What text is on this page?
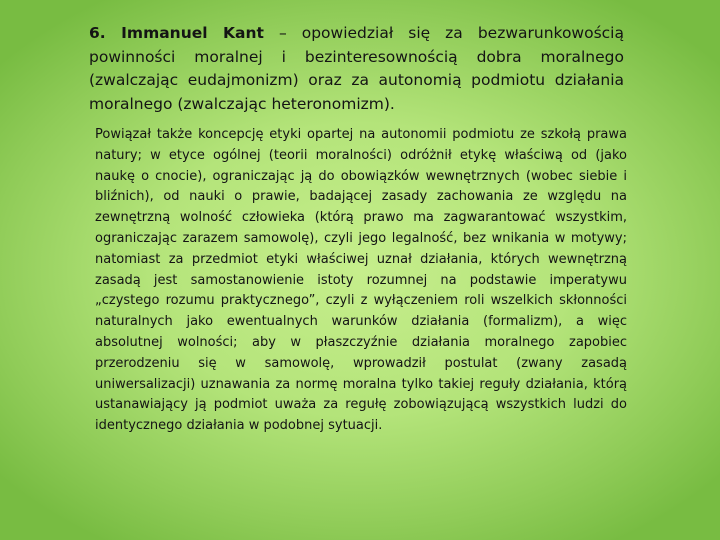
6. Immanuel Kant – opowiedział się za bezwarunkowością powinności moralnej i bezinteresownością dobra moralnego (zwalczając eudajmonizm) oraz za autonomią podmiotu działania moralnego (zwalczając heteronomizm).

Powiązał także koncepcję etyki opartej na autonomii podmiotu ze szkołą prawa natury; w etyce ogólnej (teorii moralności) odróżnił etykę właściwą od (jako naukę o cnocie), ograniczając ją do obowiązków wewnętrznych (wobec siebie i bliźnich), od nauki o prawie, badającej zasady zachowania ze względu na zewnętrzną wolność człowieka (którą prawo ma zagwarantować wszystkim, ograniczając zarazem samowolę), czyli jego legalność, bez wnikania w motywy; natomiast za przedmiot etyki właściwej uznał działania, których wewnętrzną zasadą jest samostanowienie istoty rozumnej na podstawie imperatywu „czystego rozumu praktycznego”, czyli z wyłączeniem roli wszelkich skłonności naturalnych jako ewentualnych warunków działania (formalizm), a więc absolutnej wolności; aby w płaszczyźnie działania moralnego zapobiec przerodzeniu się w samowolę, wprowadził postulat (zwany zasadą uniwersalizacji) uznawania za normę moralna tylko takiej reguły działania, którą ustanawiający ją podmiot uważa za regułę zobowiązującą wszystkich ludzi do identycznego działania w podobnej sytuacji.
